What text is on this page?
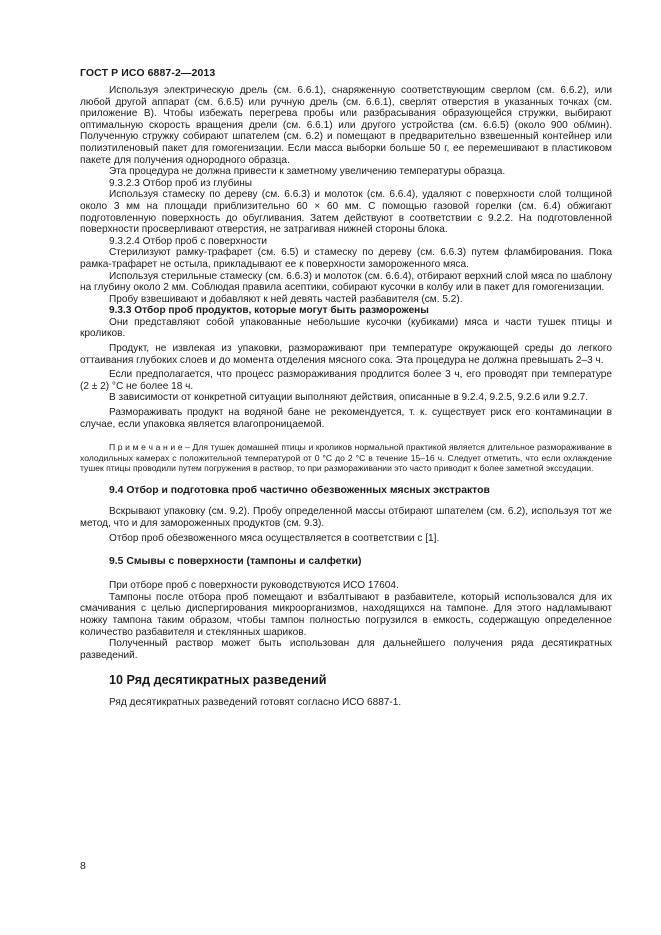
ГОСТ Р ИСО 6887-2—2013

Используя электрическую дрель (см. 6.6.1), снаряженную соответствующим сверлом (см. 6.6.2), или любой другой аппарат (см. 6.6.5) или ручную дрель (см. 6.6.1), сверлят отверстия в указанных точках (см. приложение В). Чтобы избежать перегрева пробы или разбрасывания образующейся стружки, выбирают оптимальную скорость вращения дрели (см. 6.6.1) или другого устройства (см. 6.6.5) (около 900 об/мин). Полученную стружку собирают шпателем (см. 6.2) и помещают в предварительно взвешенный контейнер или полиэтиленовый пакет для гомогенизации. Если масса выборки больше 50 г, ее перемешивают в пластиковом пакете для получения однородного образца.

Эта процедура не должна привести к заметному увеличению температуры образца.

9.3.2.3 Отбор проб из глубины

Используя стамеску по дереву (см. 6.6.3) и молоток (см. 6.6.4), удаляют с поверхности слой толщиной около 3 мм на площади приблизительно 60 × 60 мм. С помощью газовой горелки (см. 6.4) обжигают подготовленную поверхность до обугливания. Затем действуют в соответствии с 9.2.2. На подготовленной поверхности просверливают отверстия, не затрагивая нижней стороны блока.

9.3.2.4 Отбор проб с поверхности

Стерилизуют рамку-трафарет (см. 6.5) и стамеску по дереву (см. 6.6.3) путем фламбирования. Пока рамка-трафарет не остыла, прикладывают ее к поверхности замороженного мяса.

Используя стерильные стамеску (см. 6.6.3) и молоток (см. 6.6.4), отбирают верхний слой мяса по шаблону на глубину около 2 мм. Соблюдая правила асептики, собирают кусочки в колбу или в пакет для гомогенизации.

Пробу взвешивают и добавляют к ней девять частей разбавителя (см. 5.2).

9.3.3 Отбор проб продуктов, которые могут быть разморожены

Они представляют собой упакованные небольшие кусочки (кубиками) мяса и части тушек птицы и кроликов.

Продукт, не извлекая из упаковки, размораживают при температуре окружающей среды до легкого оттаивания глубоких слоев и до момента отделения мясного сока. Эта процедура не должна превышать 2–3 ч.

Если предполагается, что процесс размораживания продлится более 3 ч, его проводят при температуре (2 ± 2) °С не более 18 ч.

В зависимости от конкретной ситуации выполняют действия, описанные в 9.2.4, 9.2.5, 9.2.6 или 9.2.7.

Размораживать продукт на водяной бане не рекомендуется, т. к. существует риск его контаминации в случае, если упаковка является влагопроницаемой.

П р и м е ч а н и е – Для тушек домашней птицы и кроликов нормальной практикой является длительное размораживание в холодильных камерах с положительной температурой от 0 °С до 2 °С в течение 15–16 ч. Следует отметить, что если охлаждение тушек птицы проводили путем погружения в раствор, то при размораживании это часто приводит к более заметной экссудации.

9.4 Отбор и подготовка проб частично обезвоженных мясных экстрактов

Вскрывают упаковку (см. 9.2). Пробу определенной массы отбирают шпателем (см. 6.2), используя тот же метод, что и для замороженных продуктов (см. 9.3).

Отбор проб обезвоженного мяса осуществляется в соответствии с [1].

9.5 Смывы с поверхности (тампоны и салфетки)

При отборе проб с поверхности руководствуются ИСО 17604.

Тампоны после отбора проб помещают и взбалтывают в разбавителе, который использовался для их смачивания с целью диспергирования микроорганизмов, находящихся на тампоне. Для этого надламывают ножку тампона таким образом, чтобы тампон полностью погрузился в емкость, содержащую определенное количество разбавителя и стеклянных шариков.

Полученный раствор может быть использован для дальнейшего получения ряда десятикратных разведений.

10 Ряд десятикратных разведений

Ряд десятикратных разведений готовят согласно ИСО 6887-1.

8
